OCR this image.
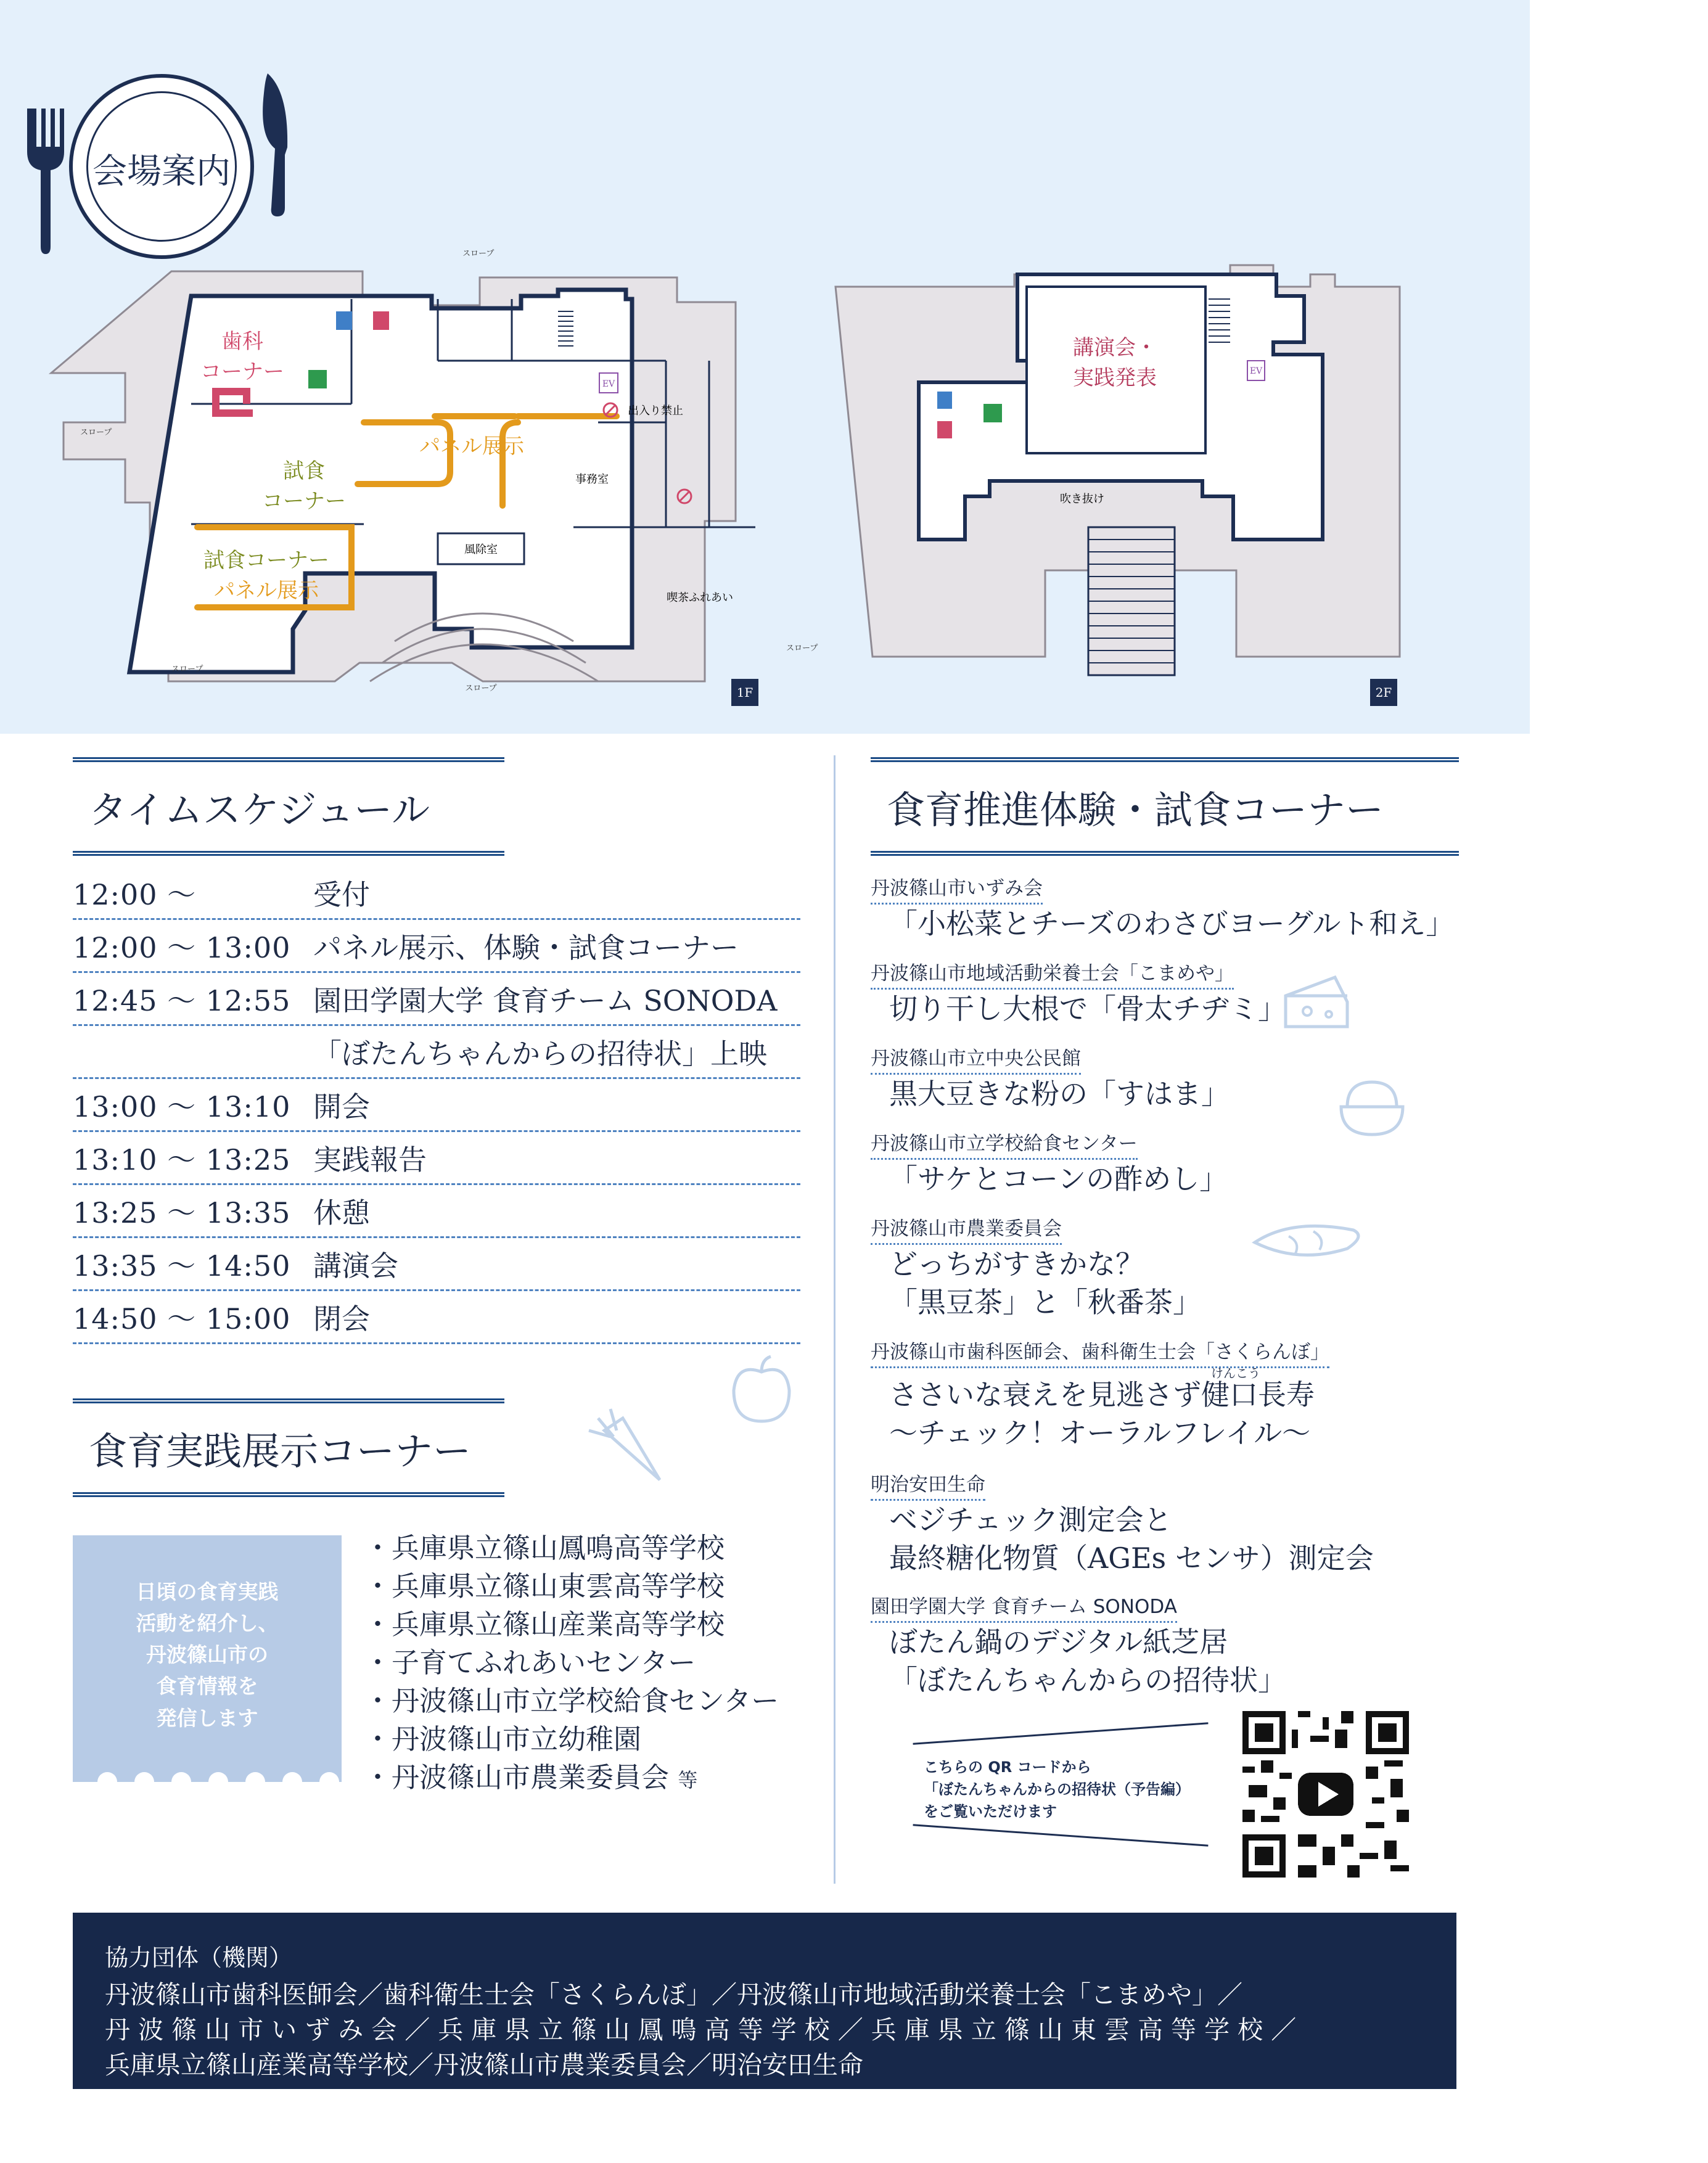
会場案内
風除室
EV
出入り禁止
事務室
喫茶ふれあい
スロープ
スロープ
スロープ
スロープ
スロープ
歯科
コーナー
試食
コーナー
試食コーナー
パネル展示
パネル展示
1F
EV
吹き抜け
講演会・
実践発表
2F
タイムスケジュール
12:00 〜	受付
12:00 〜 13:00 パネル展示、体験・試食コーナー
12:45 〜 12:55 園田学園大学 食育チーム SONODA
「ぼたんちゃんからの招待状」上映
13:00 〜 13:10 開会
13:10 〜 13:25 実践報告
13:25 〜 13:35 休憩
13:35 〜 14:50 講演会
14:50 〜 15:00 閉会
食育実践展示コーナー
日頃の食育実践
活動を紹介し、
丹波篠山市の
食育情報を
発信します
・兵庫県立篠山鳳鳴高等学校
・兵庫県立篠山東雲高等学校
・兵庫県立篠山産業高等学校
・子育てふれあいセンター
・丹波篠山市立学校給食センター
・丹波篠山市立幼稚園
・丹波篠山市農業委員会 等
食育推進体験・試食コーナー
丹波篠山市いずみ会
「小松菜とチーズのわさびヨーグルト和え」
丹波篠山市地域活動栄養士会「こまめや」
切り干し大根で「骨太チヂミ」
丹波篠山市立中央公民館
黒大豆きな粉の「すはま」
丹波篠山市立学校給食センター
「サケとコーンの酢めし」
丹波篠山市農業委員会
どっちがすきかな？
「黒豆茶」と「秋番茶」
丹波篠山市歯科医師会、歯科衛生士会「さくらんぼ」
けんこう
ささいな衰えを見逃さず健口長寿
〜チェック！オーラルフレイル〜
明治安田生命
ベジチェック測定会と
最終糖化物質（AGEs センサ）測定会
園田学園大学 食育チーム SONODA
ぼたん鍋のデジタル紙芝居
「ぼたんちゃんからの招待状」
こちらの QR コードから
「ぼたんちゃんからの招待状（予告編）
をご覧いただけます
協力団体（機関）
丹波篠山市歯科医師会／歯科衛生士会「さくらんぼ」／丹波篠山市地域活動栄養士会「こまめや」／
丹 波 篠 山 市 い ず み 会 ／ 兵 庫 県 立 篠 山 鳳 鳴 高 等 学 校 ／ 兵 庫 県 立 篠 山 東 雲 高 等 学 校 ／
兵庫県立篠山産業高等学校／丹波篠山市農業委員会／明治安田生命
